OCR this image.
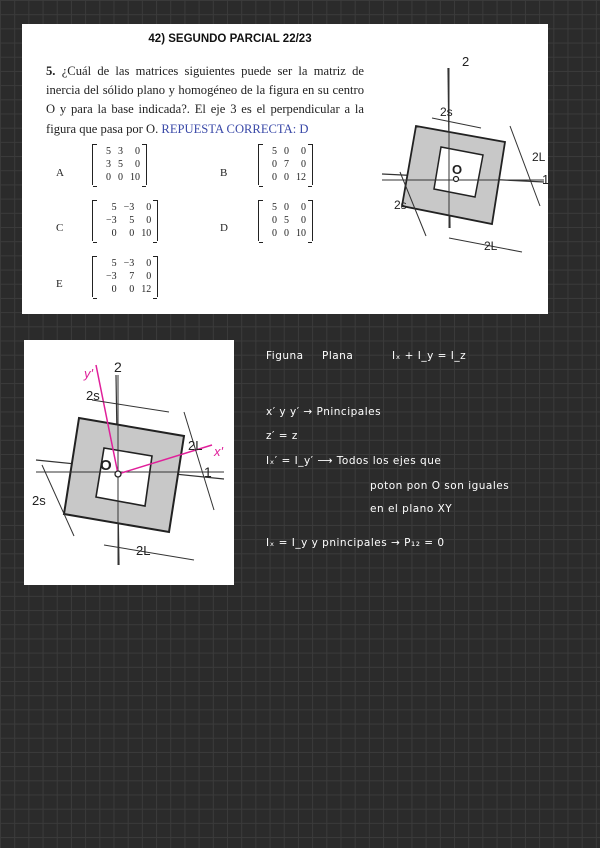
42) SEGUNDO PARCIAL 22/23

5. ¿Cuál de las matrices siguientes puede ser la matriz de inercia del sólido plano y homogéneo de la figura en su centro O y para la base indicada?. El eje 3 es el perpendicular a la figura que pasa por O. REPUESTA CORRECTA: D

A
5 3	0
3 5	0
0 0 10	B
5 0	0
0 7	0
0 0 12
C
5 −3	0
−3	5	0
0	0 10	D
5 0	0
0 5	0
0 0 10
E
5 −3	0
−3	7	0
0	0 12
2
2s
2L
O
1
2s
2L
2
2s
2L
O	1
2s
2L
y'
x'
Figuna Plana	Iₓ + I_y = I_z
x′ y y′ → Pnincipales
z′ = z
Iₓ′ = I_y′ ⟶ Todos los ejes que
poton pon O son iguales
en el plano XY
Iₓ = I_y y pnincipales → P₁₂ = 0
